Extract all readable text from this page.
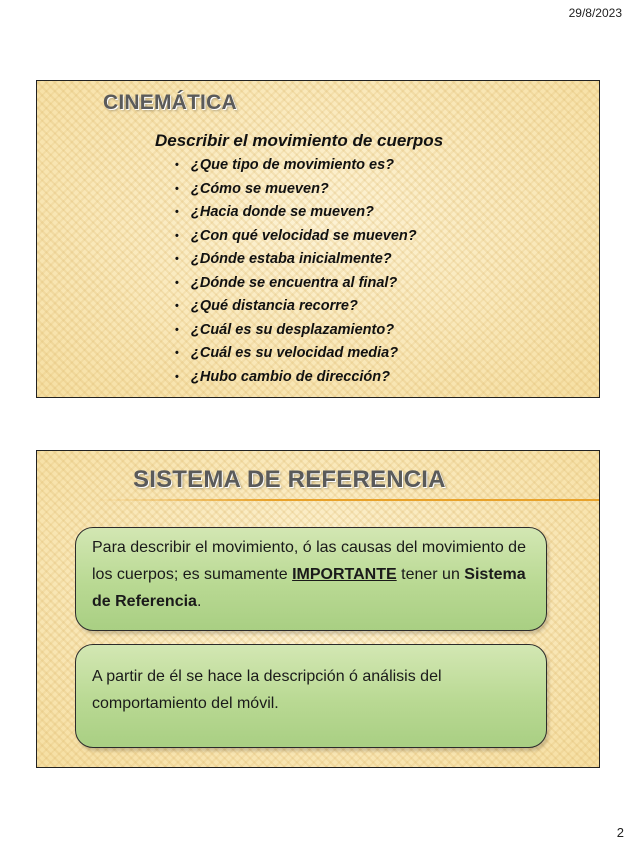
29/8/2023
CINEMÁTICA
Describir el movimiento de cuerpos
• ¿Que tipo de movimiento es?
• ¿Cómo se mueven?
• ¿Hacia donde se mueven?
• ¿Con qué velocidad se mueven?
• ¿Dónde estaba inicialmente?
• ¿Dónde se encuentra al final?
• ¿Qué distancia recorre?
• ¿Cuál es su desplazamiento?
• ¿Cuál es su velocidad media?
• ¿Hubo cambio de dirección?
SISTEMA DE REFERENCIA
Para describir el movimiento, ó las causas del movimiento de los cuerpos; es sumamente IMPORTANTE tener un Sistema de Referencia.
A partir de él se hace la descripción ó análisis del comportamiento del móvil.
2
